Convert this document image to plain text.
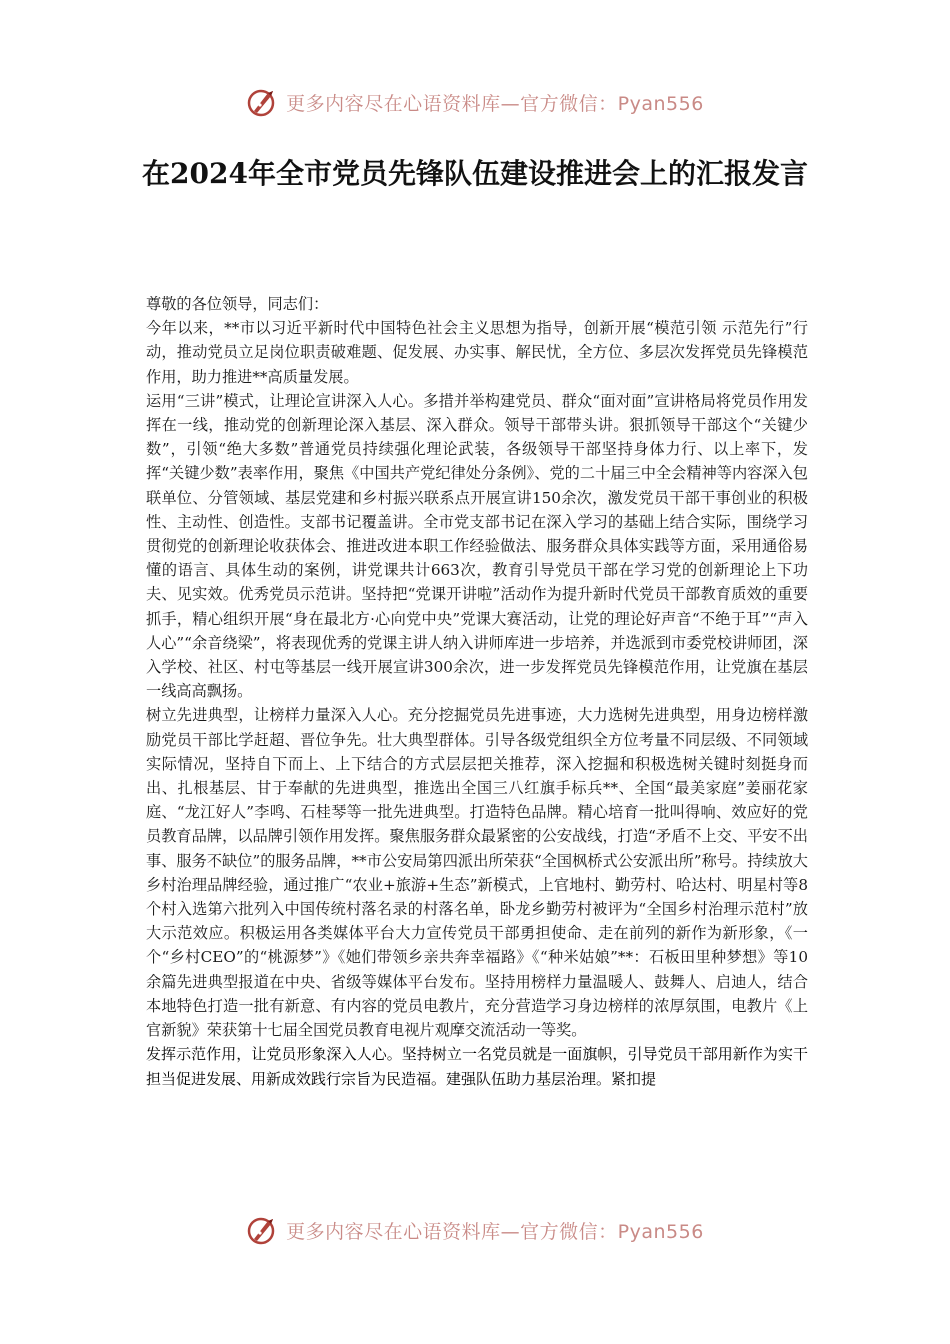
更多内容尽在心语资料库—官方微信：Pyan556
在2024年全市党员先锋队伍建设推进会上的汇报发言

尊敬的各位领导，同志们：

今年以来，**市以习近平新时代中国特色社会主义思想为指导，创新开展“模范引领 示范先行”行动，推动党员立足岗位职责破难题、促发展、办实事、解民忧，全方位、多层次发挥党员先锋模范作用，助力推进**高质量发展。

运用“三讲”模式，让理论宣讲深入人心。多措并举构建党员、群众“面对面”宣讲格局将党员作用发挥在一线，推动党的创新理论深入基层、深入群众。领导干部带头讲。狠抓领导干部这个“关键少数”，引领“绝大多数”普通党员持续强化理论武装，各级领导干部坚持身体力行、以上率下，发挥“关键少数”表率作用，聚焦《中国共产党纪律处分条例》、党的二十届三中全会精神等内容深入包联单位、分管领域、基层党建和乡村振兴联系点开展宣讲150余次，激发党员干部干事创业的积极性、主动性、创造性。支部书记覆盖讲。全市党支部书记在深入学习的基础上结合实际，围绕学习贯彻党的创新理论收获体会、推进改进本职工作经验做法、服务群众具体实践等方面，采用通俗易懂的语言、具体生动的案例，讲党课共计663次，教育引导党员干部在学习党的创新理论上下功夫、见实效。优秀党员示范讲。坚持把“党课开讲啦”活动作为提升新时代党员干部教育质效的重要抓手，精心组织开展“身在最北方·心向党中央”党课大赛活动，让党的理论好声音“不绝于耳”“声入人心”“余音绕梁”，将表现优秀的党课主讲人纳入讲师库进一步培养，并选派到市委党校讲师团，深入学校、社区、村屯等基层一线开展宣讲300余次，进一步发挥党员先锋模范作用，让党旗在基层一线高高飘扬。

树立先进典型，让榜样力量深入人心。充分挖掘党员先进事迹，大力选树先进典型，用身边榜样激励党员干部比学赶超、晋位争先。壮大典型群体。引导各级党组织全方位考量不同层级、不同领域实际情况，坚持自下而上、上下结合的方式层层把关推荐，深入挖掘和积极选树关键时刻挺身而出、扎根基层、甘于奉献的先进典型，推选出全国三八红旗手标兵**、全国“最美家庭”姜丽花家庭、“龙江好人”李鸣、石桂琴等一批先进典型。打造特色品牌。精心培育一批叫得响、效应好的党员教育品牌，以品牌引领作用发挥。聚焦服务群众最紧密的公安战线，打造“矛盾不上交、平安不出事、服务不缺位”的服务品牌，**市公安局第四派出所荣获“全国枫桥式公安派出所”称号。持续放大乡村治理品牌经验，通过推广“农业+旅游+生态”新模式，上官地村、勤劳村、哈达村、明星村等8个村入选第六批列入中国传统村落名录的村落名单，卧龙乡勤劳村被评为“全国乡村治理示范村”放大示范效应。积极运用各类媒体平台大力宣传党员干部勇担使命、走在前列的新作为新形象，《一个“乡村CEO”的“桃源梦”》《她们带领乡亲共奔幸福路》《“种米姑娘”**：石板田里种梦想》等10余篇先进典型报道在中央、省级等媒体平台发布。坚持用榜样力量温暖人、鼓舞人、启迪人，结合本地特色打造一批有新意、有内容的党员电教片，充分营造学习身边榜样的浓厚氛围，电教片《上官新貌》荣获第十七届全国党员教育电视片观摩交流活动一等奖。

发挥示范作用，让党员形象深入人心。坚持树立一名党员就是一面旗帜，引导党员干部用新作为实干担当促进发展、用新成效践行宗旨为民造福。建强队伍助力基层治理。紧扣提

更多内容尽在心语资料库—官方微信：Pyan556
